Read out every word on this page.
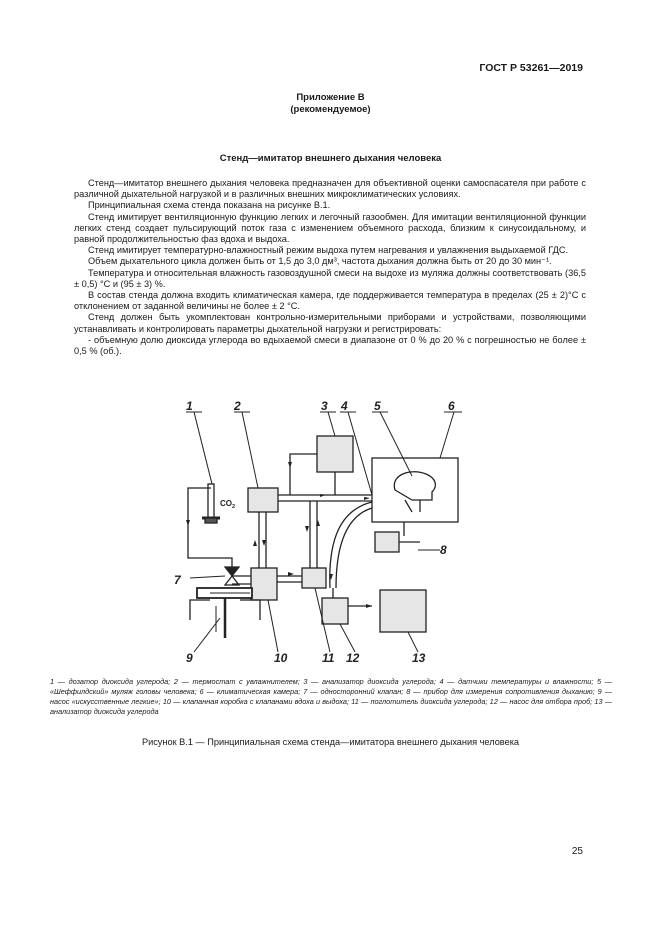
ГОСТ Р 53261—2019
Приложение В
(рекомендуемое)
Стенд—имитатор внешнего дыхания человека

Стенд—имитатор внешнего дыхания человека предназначен для объективной оценки самоспасателя при работе с различной дыхательной нагрузкой и в различных внешних микроклиматических условиях.

Принципиальная схема стенда показана на рисунке В.1.

Стенд имитирует вентиляционную функцию легких и легочный газообмен. Для имитации вентиляционной функции легких стенд создает пульсирующий поток газа с изменением объемного расхода, близким к синусоидальному, и равной продолжительностью фаз вдоха и выдоха.

Стенд имитирует температурно-влажностный режим выдоха путем нагревания и увлажнения выдыхаемой ГДС.

Объем дыхательного цикла должен быть от 1,5 до 3,0 дм³, частота дыхания должна быть от 20 до 30 мин⁻¹.

Температура и относительная влажность газовоздушной смеси на выдохе из муляжа должны соответствовать (36,5 ± 0,5) °С и (95 ± 3) %.

В состав стенда должна входить климатическая камера, где поддерживается температура в пределах (25 ± 2)°С с отклонением от заданной величины не более ± 2 °С.

Стенд должен быть укомплектован контрольно-измерительными приборами и устройствами, позволяющими устанавливать и контролировать параметры дыхательной нагрузки и регистрировать:

- объемную долю диоксида углерода во вдыхаемой смеси в диапазоне от 0 % до 20 % с погрешностью не более ± 0,5 % (об.).

1	2	3 4 5	6
7
8
9	10	11 12	13
$CO_2$
1 — дозатор диоксида углерода; 2 — термостат с увлажнителем; 3 — анализатор диоксида углерода; 4 — датчики температуры и влажности; 5 — «Шеффилдский» муляж головы человека; 6 — климатическая камера; 7 — односторонний клапан; 8 — прибор для измерения сопротивления дыханию; 9 — насос «искусственные легкие»; 10 — клапанная коробка с клапанами вдоха и выдоха; 11 — поглотитель диоксида углерода; 12 — насос для отбора проб; 13 — анализатор диоксида углерода
Рисунок В.1 — Принципиальная схема стенда—имитатора внешнего дыхания человека
25
